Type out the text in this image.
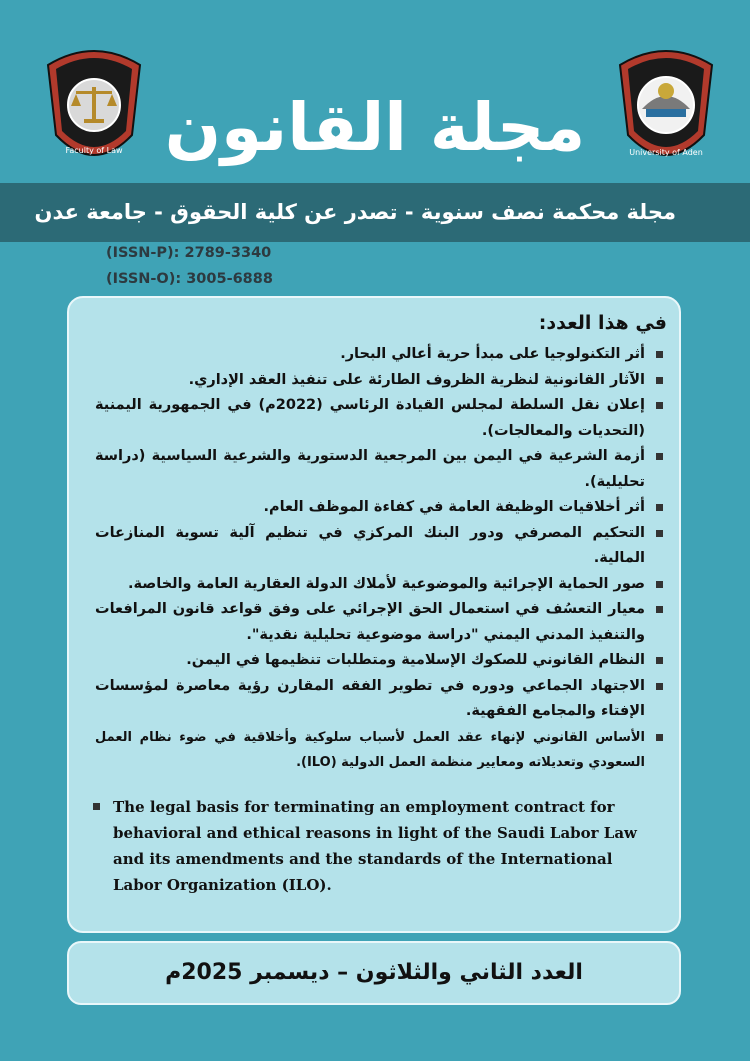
Faculty of Law	University of Aden
مجلة القانون
مجلة محكمة نصف سنوية - تصدر عن كلية الحقوق - جامعة عدن
(ISSN-P): 2789-3340
(ISSN-O): 3005-6888
في هذا العدد:
أثر التكنولوجيا على مبدأ حرية أعالي البحار.
الآثار القانونية لنظرية الظروف الطارئة على تنفيذ العقد الإداري.
إعلان نقل السلطة لمجلس القيادة الرئاسي (2022م) في الجمهورية اليمنية (التحديات والمعالجات).
أزمة الشرعية في اليمن بين المرجعية الدستورية والشرعية السياسية (دراسة تحليلية).
أثر أخلاقيات الوظيفة العامة في كفاءة الموظف العام.
التحكيم المصرفي ودور البنك المركزي في تنظيم آلية تسوية المنازعات المالية.
صور الحماية الإجرائية والموضوعية لأملاك الدولة العقارية العامة والخاصة.
معيار التعسُف في استعمال الحق الإجرائي على وفق قواعد قانون المرافعات والتنفيذ المدني اليمني "دراسة موضوعية تحليلية نقدية".
النظام القانوني للصكوك الإسلامية ومتطلبات تنظيمها في اليمن.
الاجتهاد الجماعي ودوره في تطوير الفقه المقارن رؤية معاصرة لمؤسسات الإفتاء والمجامع الفقهية.
الأساس القانوني لإنهاء عقد العمل لأسباب سلوكية وأخلاقية في ضوء نظام العمل السعودي وتعديلاته ومعايير منظمة العمل الدولية (ILO).
The legal basis for terminating an employment contract for behavioral and ethical reasons in light of the Saudi Labor Law and its amendments and the standards of the International Labor Organization (ILO).
العدد الثاني والثلاثون – ديسمبر 2025م
